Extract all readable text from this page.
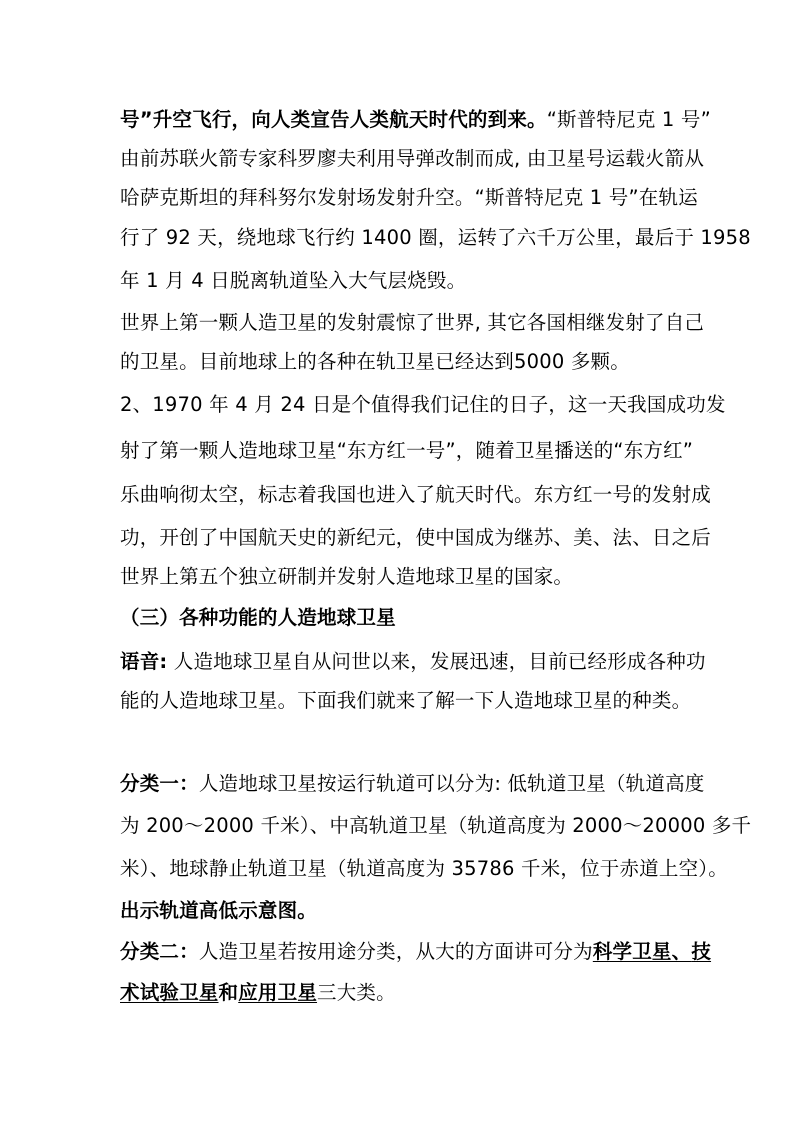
号”升空飞行，向人类宣告人类航天时代的到来。“斯普特尼克 1 号”
由前苏联火箭专家科罗廖夫利用导弹改制而成, 由卫星号运载火箭从
哈萨克斯坦的拜科努尔发射场发射升空。“斯普特尼克 1 号”在轨运
行了 92 天，绕地球飞行约 1400 圈，运转了六千万公里，最后于 1958
年 1 月 4 日脱离轨道坠入大气层烧毁。
世界上第一颗人造卫星的发射震惊了世界, 其它各国相继发射了自己
的卫星。目前地球上的各种在轨卫星已经达到5000 多颗。
2、1970 年 4 月 24 日是个值得我们记住的日子，这一天我国成功发
射了第一颗人造地球卫星“东方红一号”，随着卫星播送的“东方红”
乐曲响彻太空，标志着我国也进入了航天时代。东方红一号的发射成
功，开创了中国航天史的新纪元，使中国成为继苏、美、法、日之后
世界上第五个独立研制并发射人造地球卫星的国家。
（三）各种功能的人造地球卫星
语音: 人造地球卫星自从问世以来，发展迅速，目前已经形成各种功
能的人造地球卫星。下面我们就来了解一下人造地球卫星的种类。
分类一：人造地球卫星按运行轨道可以分为: 低轨道卫星（轨道高度
为 200～2000 千米）、中高轨道卫星（轨道高度为 2000～20000 多千
米）、地球静止轨道卫星（轨道高度为 35786 千米，位于赤道上空）。
出示轨道高低示意图。
分类二：人造卫星若按用途分类，从大的方面讲可分为科学卫星、技
术试验卫星和应用卫星三大类。
